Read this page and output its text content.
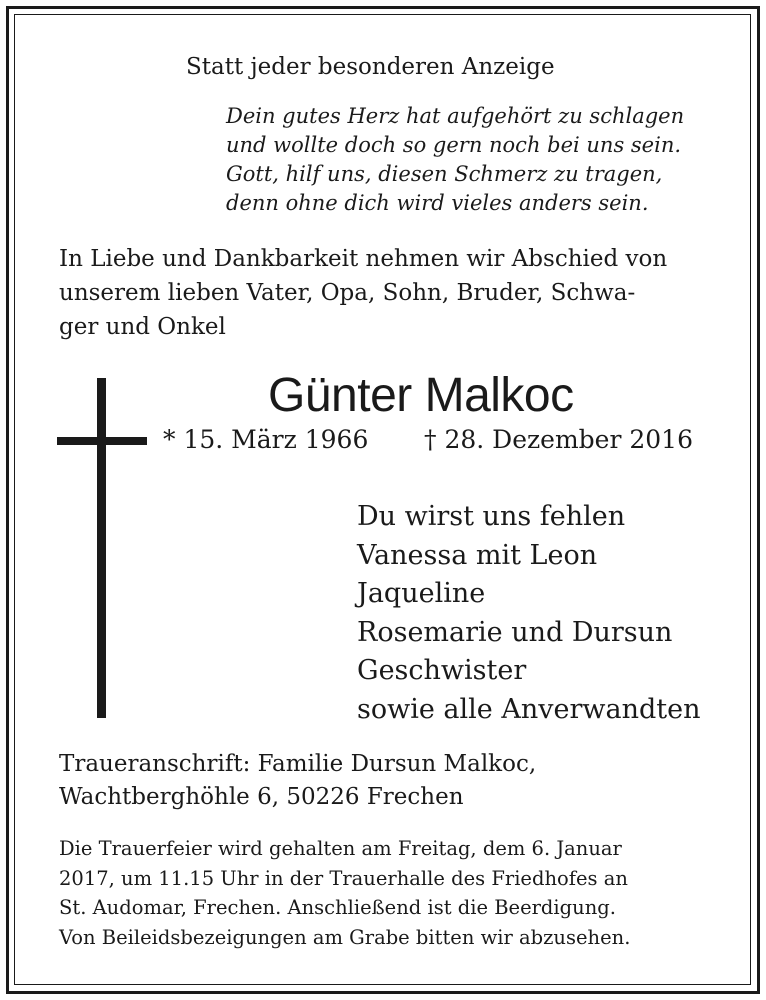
Statt jeder besonderen Anzeige

Dein gutes Herz hat aufgehört zu schlagen
und wollte doch so gern noch bei uns sein.
Gott, hilf uns, diesen Schmerz zu tragen,
denn ohne dich wird vieles anders sein.
In Liebe und Dankbarkeit nehmen wir Abschied von
unserem lieben Vater, Opa, Sohn, Bruder, Schwa-
ger und Onkel

Günter Malkoc

* 15. März 1966 † 28. Dezember 2016

Du wirst uns fehlen
Vanessa mit Leon
Jaqueline
Rosemarie und Dursun
Geschwister
sowie alle Anverwandten
Traueranschrift: Familie Dursun Malkoc,
Wachtberghöhle 6, 50226 Frechen
Die Trauerfeier wird gehalten am Freitag, dem 6. Januar
2017, um 11.15 Uhr in der Trauerhalle des Friedhofes an
St. Audomar, Frechen. Anschließend ist die Beerdigung.
Von Beileidsbezeigungen am Grabe bitten wir abzusehen.
